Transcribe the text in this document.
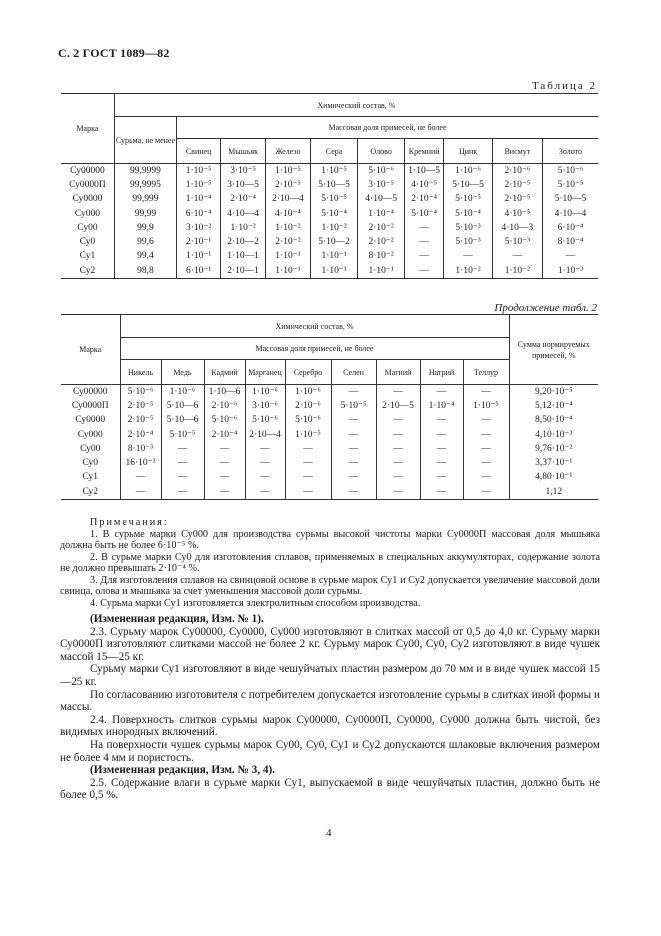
С. 2 ГОСТ 1089—82
Таблица 2
Марка	Химический состав, %									
	Сурьма, не менее	Массовая доля примесей, не более								
		Свинец	Мышьяк	Железо	Сера	Олово	Кремний	Цинк	Висмут	Золото
Су00000	99,9999	1·10⁻⁵	3·10⁻⁵	1·10⁻⁵	1·10⁻⁵	5·10⁻⁶	1·10—5	1·10⁻⁶	2·10⁻⁶	5·10⁻⁶
Су0000П	99,9995	1·10⁻⁵	3·10—5	2·10⁻⁵	5·10—5	3·10⁻⁵	4·10⁻⁵	5·10—5	2·10⁻⁵	5·10⁻⁵
Су0000	99,999	1·10⁻⁴	2·10⁻⁴	2·10—4	5·10⁻⁵	4·10—5	2·10⁻⁴	5·10⁻⁵	2·10⁻⁵	5·10—5
Су000	99,99	6·10⁻⁴	4·10—4	4·10⁻⁴	5·10⁻⁴	1·10⁻⁴	5·10⁻⁴	5·10⁻⁴	4·10⁻⁵	4·10—4
Су00	99,9	3·10⁻²	1·10⁻²	1·10⁻²	1·10⁻²	2·10⁻²	—	5·10⁻³	4·10—3	6·10⁻⁴
Су0	99,6	2·10⁻¹	2·10—2	2·10⁻²	5·10—2	2·10⁻²	—	5·10⁻³	5·10⁻³	8·10⁻⁴
Су1	99,4	1·10⁻¹	1·10—1	1·10⁻¹	1·10⁻¹	8·10⁻²	—	—	—	—
Су2	98,8	6·10⁻¹	2·10—1	1·10⁻¹	1·10⁻¹	1·10⁻¹	—	1·10⁻²	1·10⁻²	1·10⁻³
Продолжение табл. 2
Марка	Химический состав, %									Сумма нормируемых примесей, %
	Массовая доля примесей, не более									
	Никель	Медь	Кадмий	Марганец	Серебро	Селен	Магний	Натрий	Теллур	
Су00000	5·10⁻⁶	1·10⁻⁶	1·10—6	1·10⁻⁶	1·10⁻⁶	—	—	—	—	9,20·10⁻⁵
Су0000П	2·10⁻⁵	5·10—6	2·10⁻⁶	3·10⁻⁶	2·10⁻⁶	5·10⁻⁵	2·10—5	1·10⁻⁴	1·10⁻⁵	5,12·10⁻⁴
Су0000	2·10⁻⁵	5·10—6	5·10⁻⁶	5·10⁻⁶	5·10⁻⁶	—	—	—	—	8,50·10⁻⁴
Су000	2·10⁻⁴	5·10⁻⁵	2·10⁻⁴	2·10—4	1·10⁻⁵	—	—	—	—	4,10·10⁻³
Су00	8·10⁻³	—	—	—	—	—	—	—	—	9,76·10⁻²
Су0	16·10⁻³	—	—	—	—	—	—	—	—	3,37·10⁻¹
Су1	—	—	—	—	—	—	—	—	—	4,80·10⁻¹
Су2	—	—	—	—	—	—	—	—	—	1,12

Примечания:

1. В сурьме марки Су000 для производства сурьмы высокой чистоты марки Су0000П массовая доля мышьяка должна быть не более 6·10⁻⁵ %.

2. В сурьме марки Су0 для изготовления сплавов, применяемых в специальных аккумуляторах, содержание золота не должно превышать 2·10⁻⁴ %.

3. Для изготовления сплавов на свинцовой основе в сурьме марок Су1 и Су2 допускается увеличение массовой доли свинца, олова и мышьяка за счет уменьшения массовой доли сурьмы.

4. Сурьма марки Су1 изготовляется электролитным способом производства.

(Измененная редакция, Изм. № 1).

2.3. Сурьму марок Су00000, Су0000, Су000 изготовляют в слитках массой от 0,5 до 4,0 кг. Сурьму марки Су0000П изготовляют слитками массой не более 2 кг. Сурьму марок Су00, Су0, Су2 изготовляют в виде чушек массой 15—25 кг.

Сурьму марки Су1 изготовляют в виде чешуйчатых пластин размером до 70 мм и в виде чушек массой 15—25 кг.

По согласованию изготовителя с потребителем допускается изготовление сурьмы в слитках иной формы и массы.

2.4. Поверхность слитков сурьмы марок Су00000, Су0000П, Су0000, Су000 должна быть чистой, без видимых инородных включений.

На поверхности чушек сурьмы марок Су00, Су0, Су1 и Су2 допускаются шлаковые включения размером не более 4 мм и пористость.

(Измененная редакция, Изм. № 3, 4).

2.5. Содержание влаги в сурьме марки Су1, выпускаемой в виде чешуйчатых пластин, должно быть не более 0,5 %.

4
